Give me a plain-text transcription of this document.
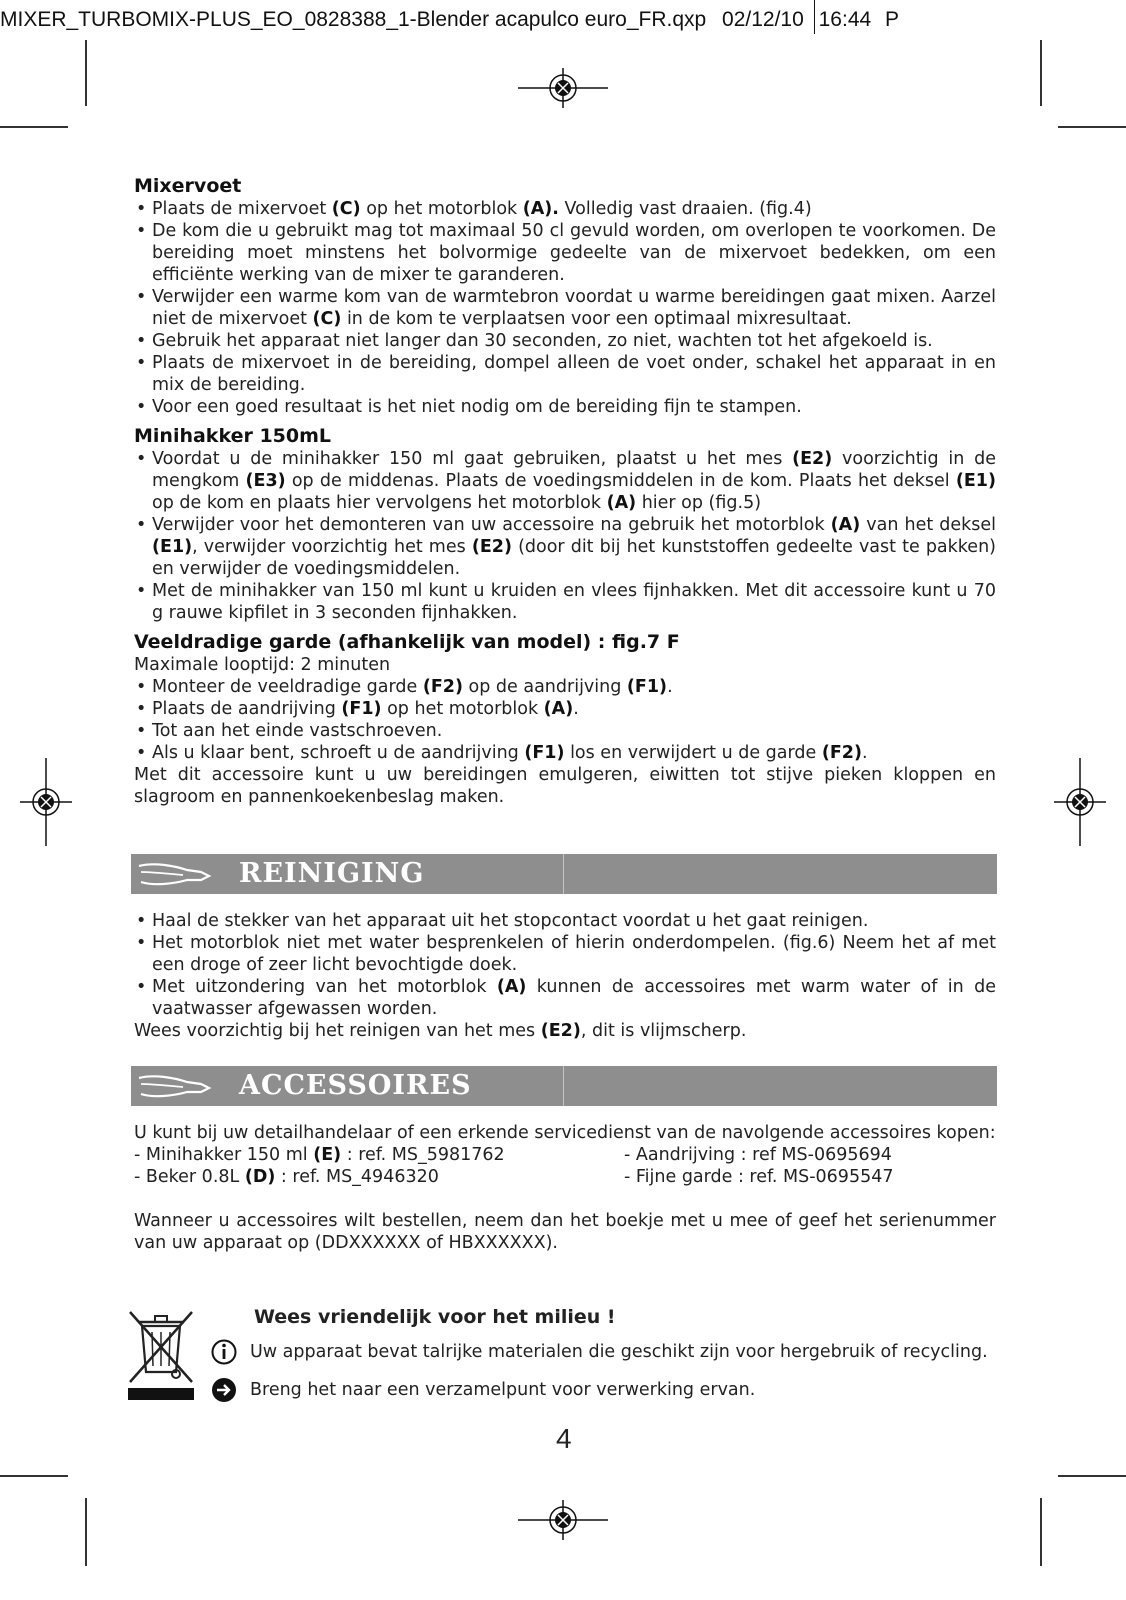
MIXER_TURBOMIX-PLUS_EO_0828388_1-Blender acapulco euro_FR.qxp 02/12/10 16:44 P
Mixervoet
• Plaats de mixervoet (C) op het motorblok (A). Volledig vast draaien. (fig.4)
• De kom die u gebruikt mag tot maximaal 50 cl gevuld worden, om overlopen te voorkomen. De bereiding moet minstens het bolvormige gedeelte van de mixervoet bedekken, om een efficiënte werking van de mixer te garanderen.
• Verwijder een warme kom van de warmtebron voordat u warme bereidingen gaat mixen. Aarzel niet de mixervoet (C) in de kom te verplaatsen voor een optimaal mixresultaat.
• Gebruik het apparaat niet langer dan 30 seconden, zo niet, wachten tot het afgekoeld is.
• Plaats de mixervoet in de bereiding, dompel alleen de voet onder, schakel het apparaat in en mix de bereiding.
• Voor een goed resultaat is het niet nodig om de bereiding fijn te stampen.
Minihakker 150mL
• Voordat u de minihakker 150 ml gaat gebruiken, plaatst u het mes (E2) voorzichtig in de mengkom (E3) op de middenas. Plaats de voedingsmiddelen in de kom. Plaats het deksel (E1) op de kom en plaats hier vervolgens het motorblok (A) hier op (fig.5)
• Verwijder voor het demonteren van uw accessoire na gebruik het motorblok (A) van het deksel (E1), verwijder voorzichtig het mes (E2) (door dit bij het kunststoffen gedeelte vast te pakken) en verwijder de voedingsmiddelen.
• Met de minihakker van 150 ml kunt u kruiden en vlees fijnhakken. Met dit accessoire kunt u 70 g rauwe kipfilet in 3 seconden fijnhakken.
Veeldradige garde (afhankelijk van model) : fig.7 F

Maximale looptijd: 2 minuten

• Monteer de veeldradige garde (F2) op de aandrijving (F1).
• Plaats de aandrijving (F1) op het motorblok (A).
• Tot aan het einde vastschroeven.
• Als u klaar bent, schroeft u de aandrijving (F1) los en verwijdert u de garde (F2).

Met dit accessoire kunt u uw bereidingen emulgeren, eiwitten tot stijve pieken kloppen en slagroom en pannenkoekenbeslag maken.

REINIGING
• Haal de stekker van het apparaat uit het stopcontact voordat u het gaat reinigen.
• Het motorblok niet met water besprenkelen of hierin onderdompelen. (fig.6) Neem het af met een droge of zeer licht bevochtigde doek.
• Met uitzondering van het motorblok (A) kunnen de accessoires met warm water of in de vaatwasser afgewassen worden.

Wees voorzichtig bij het reinigen van het mes (E2), dit is vlijmscherp.

ACCESSOIRES

U kunt bij uw detailhandelaar of een erkende servicedienst van de navolgende accessoires kopen:

- Minihakker 150 ml (E) : ref. MS_5981762
- Beker 0.8L (D) : ref. MS_4946320
- Aandrijving : ref MS-0695694
- Fijne garde : ref. MS-0695547

Wanneer u accessoires wilt bestellen, neem dan het boekje met u mee of geef het serienummer van uw apparaat op (DDXXXXXX of HBXXXXXX).

Wees vriendelijk voor het milieu !
Uw apparaat bevat talrijke materialen die geschikt zijn voor hergebruik of recycling.
Breng het naar een verzamelpunt voor verwerking ervan.
4
